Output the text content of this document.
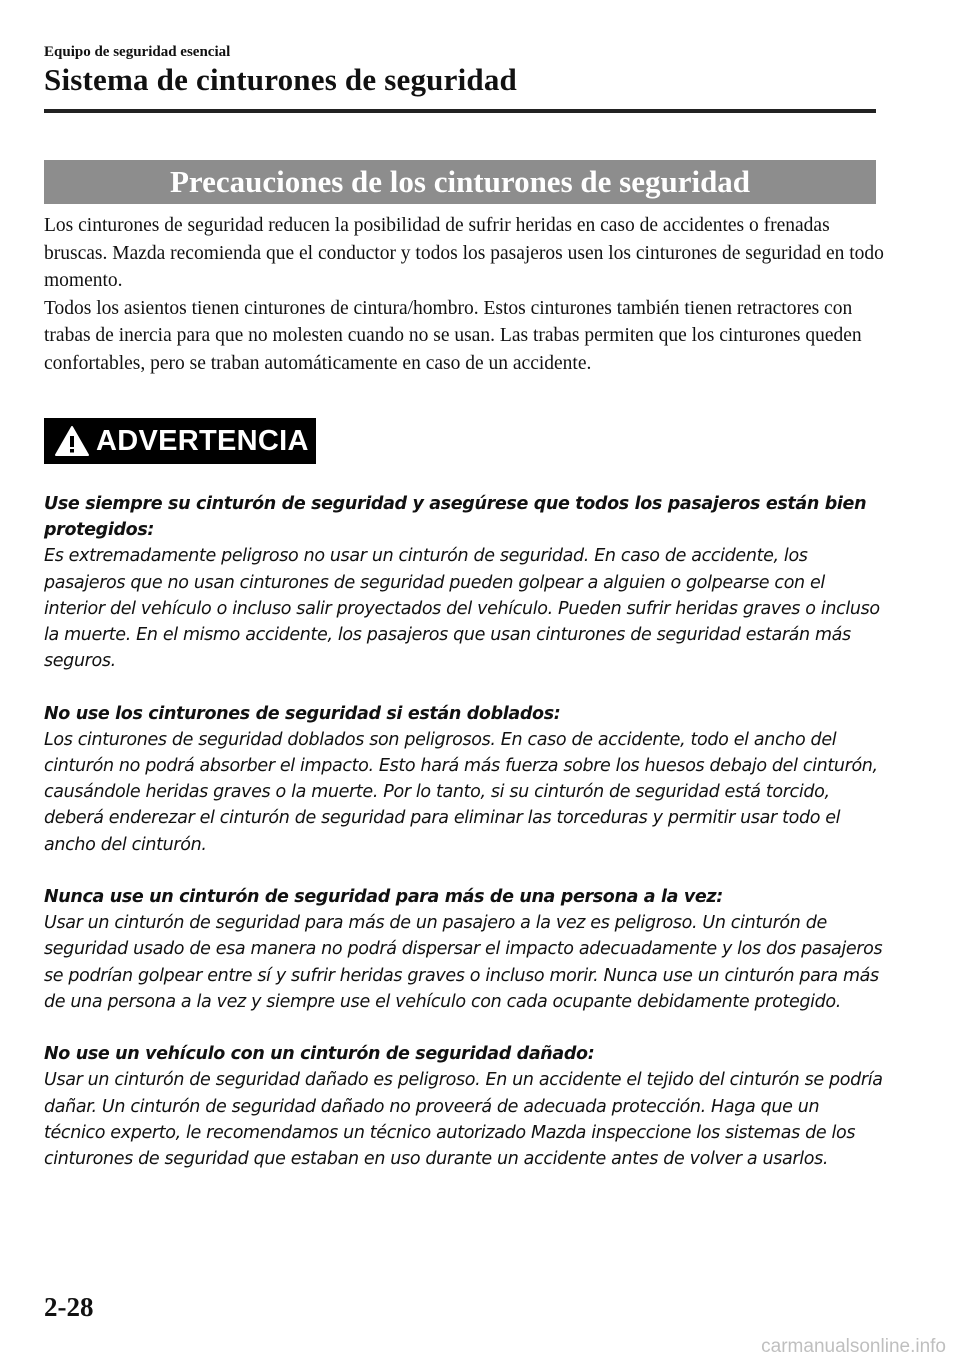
Equipo de seguridad esencial
Sistema de cinturones de seguridad
Precauciones de los cinturones de seguridad

Los cinturones de seguridad reducen la posibilidad de sufrir heridas en caso de accidentes o frenadas bruscas. Mazda recomienda que el conductor y todos los pasajeros usen los cinturones de seguridad en todo momento.

Todos los asientos tienen cinturones de cintura/hombro. Estos cinturones también tienen retractores con trabas de inercia para que no molesten cuando no se usan. Las trabas permiten que los cinturones queden confortables, pero se traban automáticamente en caso de un accidente.

ADVERTENCIA

Use siempre su cinturón de seguridad y asegúrese que todos los pasajeros están bien protegidos:

Es extremadamente peligroso no usar un cinturón de seguridad. En caso de accidente, los pasajeros que no usan cinturones de seguridad pueden golpear a alguien o golpearse con el interior del vehículo o incluso salir proyectados del vehículo. Pueden sufrir heridas graves o incluso la muerte. En el mismo accidente, los pasajeros que usan cinturones de seguridad estarán más seguros.

No use los cinturones de seguridad si están doblados:

Los cinturones de seguridad doblados son peligrosos. En caso de accidente, todo el ancho del cinturón no podrá absorber el impacto. Esto hará más fuerza sobre los huesos debajo del cinturón, causándole heridas graves o la muerte. Por lo tanto, si su cinturón de seguridad está torcido, deberá enderezar el cinturón de seguridad para eliminar las torceduras y permitir usar todo el ancho del cinturón.

Nunca use un cinturón de seguridad para más de una persona a la vez:

Usar un cinturón de seguridad para más de un pasajero a la vez es peligroso. Un cinturón de seguridad usado de esa manera no podrá dispersar el impacto adecuadamente y los dos pasajeros se podrían golpear entre sí y sufrir heridas graves o incluso morir. Nunca use un cinturón para más de una persona a la vez y siempre use el vehículo con cada ocupante debidamente protegido.

No use un vehículo con un cinturón de seguridad dañado:

Usar un cinturón de seguridad dañado es peligroso. En un accidente el tejido del cinturón se podría dañar. Un cinturón de seguridad dañado no proveerá de adecuada protección. Haga que un técnico experto, le recomendamos un técnico autorizado Mazda inspeccione los sistemas de los cinturones de seguridad que estaban en uso durante un accidente antes de volver a usarlos.

2-28
carmanualsonline.info
